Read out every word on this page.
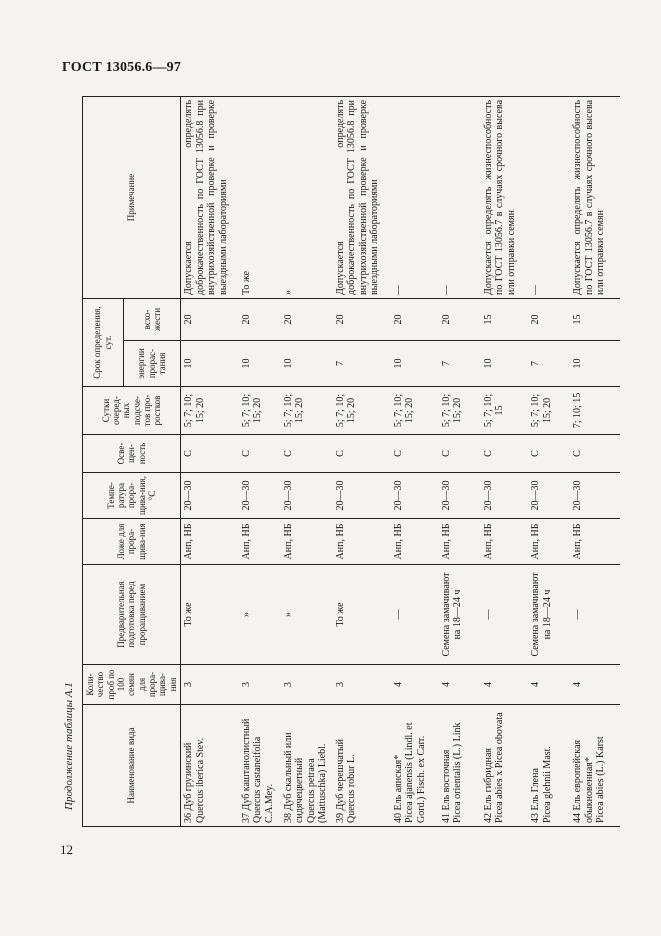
ГОСТ 13056.6—97
Продолжение таблицы А.1	Наименование вида	Коли-чество проб по 100 семян для прора-щива-ния	Предварительная подготовка перед проращиванием	Ложе для прора-щива-ния	Темпе-ратура прора-щива-ния, °С	Осве-щен-ность	Сутки очеред-ных подсче-тов про-ростков	Срок определения, сут.		Примечание
							энергии прораc-тания	всхо-жести	

36 Дуб грузинский Quercus iberica Stev.	3	То же	Анп, НБ	20—30	С	5; 7; 10; 15; 20	10	20	Допускается определять доброкачественность по ГОСТ 13056.8 при внутрихозяйственной проверке и проверке выездными лабораториями

37 Дуб каштанолистный Quercus castaneifolia C.A.Mey.	3	»	Анп, НБ	20—30	С	5; 7; 10; 15; 20	10	20	То же

38 Дуб скальный или сидячецветный Quercus petraea (Mattuschka) Liebl.	3	»	Анп, НБ	20—30	С	5; 7; 10; 15; 20	10	20	»

39 Дуб черешчатый Quercus robur L.	3	То же	Анп, НБ	20—30	С	5; 7; 10; 15; 20	7	20	Допускается определять доброкачественность по ГОСТ 13056.8 при внутрихозяйственной проверке и проверке выездными лабораториями

40 Ель аянская* Picea ajanensis (Lindl. et Gord.) Fisch. ex Carr.	4	—	Анп, НБ	20—30	С	5; 7; 10; 15; 20	10	20	—

41 Ель восточная Picea orientalis (L.) Link	4	Семена замачивают на 18—24 ч	Анп, НБ	20—30	С	5; 7; 10; 15; 20	7	20	—

42 Ель гибридная Picea abies x Picea obovata	4	—	Анп, НБ	20—30	С	5; 7; 10; 15	10	15	Допускается определять жизнеспособность по ГОСТ 13056.7 в случаях срочного высева или отправки семян

43 Ель Глена Picea glehnii Mast.	4	Семена замачивают на 18—24 ч	Анп, НБ	20—30	С	5; 7; 10; 15; 20	7	20	—

44 Ель европейская обыкновенная* Picea abies (L.) Karst	4	—	Анп, НБ	20—30	С	7; 10; 15	10	15	Допускается определять жизнеспособность по ГОСТ 13056.7 в случаях срочного высева или отправки семян
12
